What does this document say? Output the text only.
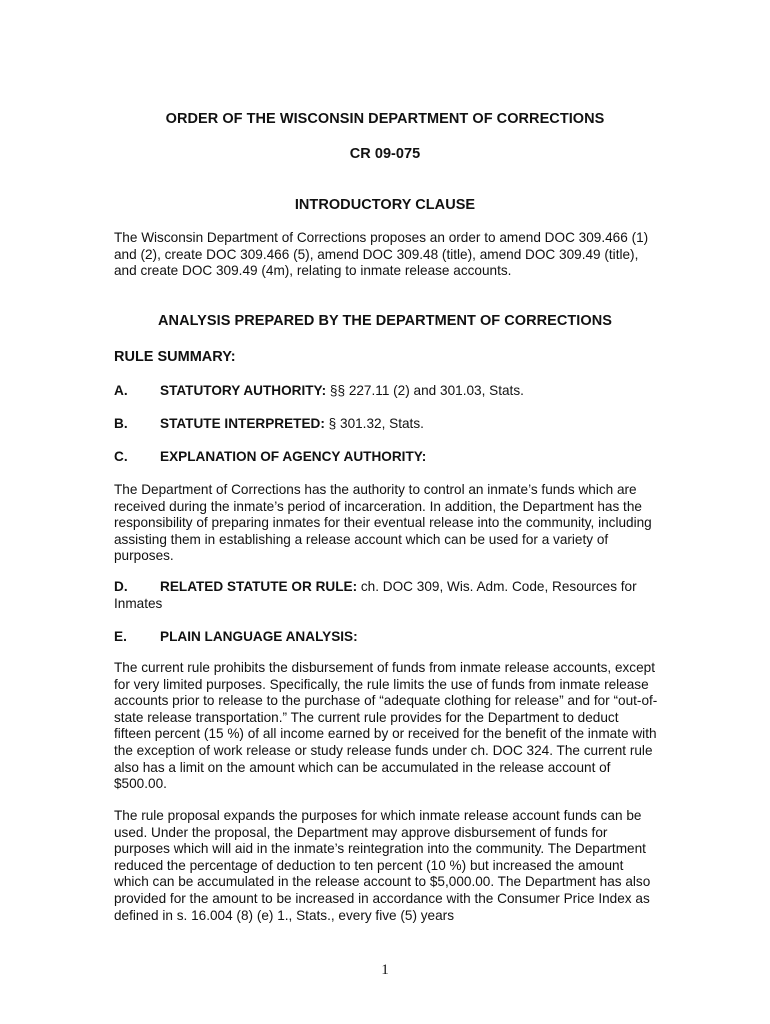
ORDER OF THE WISCONSIN DEPARTMENT OF CORRECTIONS

CR 09-075

INTRODUCTORY CLAUSE

The Wisconsin Department of Corrections proposes an order to amend DOC 309.466 (1) and (2), create DOC 309.466 (5), amend DOC 309.48 (title), amend DOC 309.49 (title), and create DOC 309.49 (4m), relating to inmate release accounts.

ANALYSIS PREPARED BY THE DEPARTMENT OF CORRECTIONS

RULE SUMMARY:

A. STATUTORY AUTHORITY: §§ 227.11 (2) and 301.03, Stats.

B. STATUTE INTERPRETED: § 301.32, Stats.

C. EXPLANATION OF AGENCY AUTHORITY:

The Department of Corrections has the authority to control an inmate’s funds which are received during the inmate’s period of incarceration. In addition, the Department has the responsibility of preparing inmates for their eventual release into the community, including assisting them in establishing a release account which can be used for a variety of purposes.

D. RELATED STATUTE OR RULE: ch. DOC 309, Wis. Adm. Code, Resources for Inmates

E. PLAIN LANGUAGE ANALYSIS:

The current rule prohibits the disbursement of funds from inmate release accounts, except for very limited purposes. Specifically, the rule limits the use of funds from inmate release accounts prior to release to the purchase of “adequate clothing for release” and for “out-of-state release transportation.” The current rule provides for the Department to deduct fifteen percent (15 %) of all income earned by or received for the benefit of the inmate with the exception of work release or study release funds under ch. DOC 324. The current rule also has a limit on the amount which can be accumulated in the release account of $500.00.

The rule proposal expands the purposes for which inmate release account funds can be used. Under the proposal, the Department may approve disbursement of funds for purposes which will aid in the inmate’s reintegration into the community. The Department reduced the percentage of deduction to ten percent (10 %) but increased the amount which can be accumulated in the release account to $5,000.00. The Department has also provided for the amount to be increased in accordance with the Consumer Price Index as defined in s. 16.004 (8) (e) 1., Stats., every five (5) years

1
